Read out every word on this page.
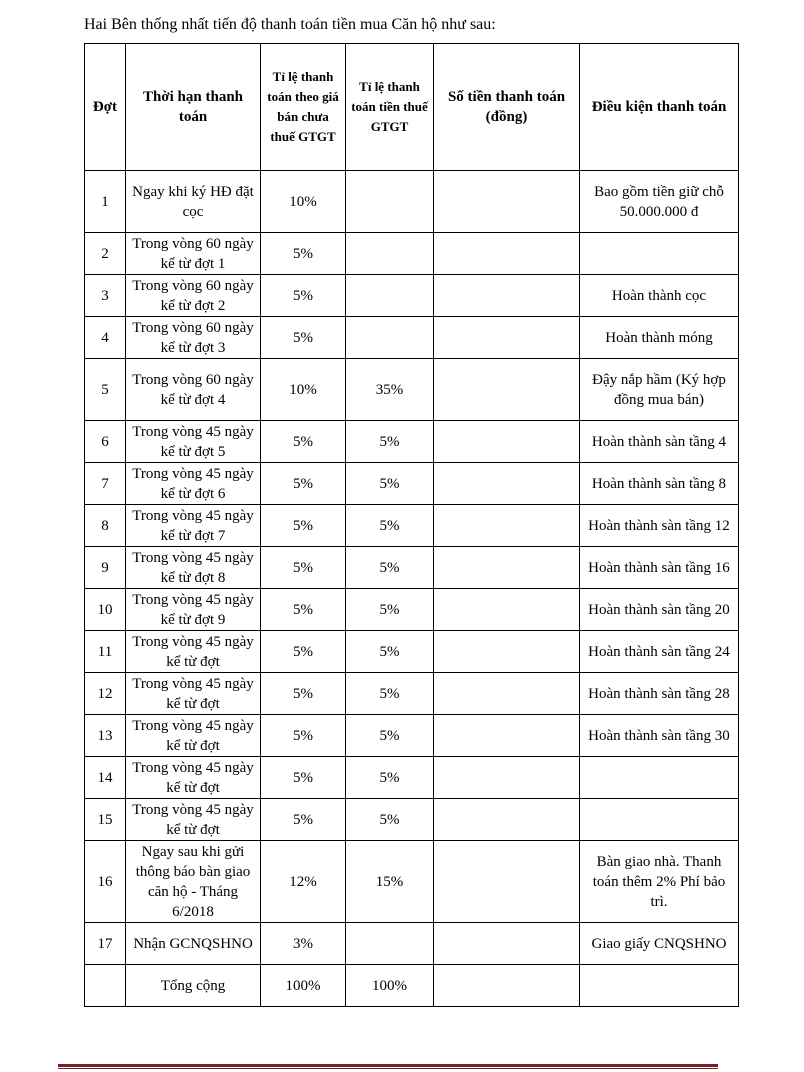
Hai Bên thống nhất tiến độ thanh toán tiền mua Căn hộ như sau:
Đợt	Thời hạn thanh toán	Tỉ lệ thanh toán theo giá bán chưa thuế GTGT	Tỉ lệ thanh toán tiền thuế GTGT	Số tiền thanh toán (đồng)	Điều kiện thanh toán
1	Ngay khi ký HĐ đặt cọc	10%			Bao gồm tiền giữ chỗ 50.000.000 đ
2	Trong vòng 60 ngày kể từ đợt 1	5%			
3	Trong vòng 60 ngày kể từ đợt 2	5%			Hoàn thành cọc
4	Trong vòng 60 ngày kể từ đợt 3	5%			Hoàn thành móng
5	Trong vòng 60 ngày kể từ đợt 4	10%	35%		Đậy nắp hầm (Ký hợp đồng mua bán)
6	Trong vòng 45 ngày kể từ đợt 5	5%	5%		Hoàn thành sàn tầng 4
7	Trong vòng 45 ngày kể từ đợt 6	5%	5%		Hoàn thành sàn tầng 8
8	Trong vòng 45 ngày kể từ đợt 7	5%	5%		Hoàn thành sàn tầng 12
9	Trong vòng 45 ngày kể từ đợt 8	5%	5%		Hoàn thành sàn tầng 16
10	Trong vòng 45 ngày kể từ đợt 9	5%	5%		Hoàn thành sàn tầng 20
11	Trong vòng 45 ngày kể từ đợt	5%	5%		Hoàn thành sàn tầng 24
12	Trong vòng 45 ngày kể từ đợt	5%	5%		Hoàn thành sàn tầng 28
13	Trong vòng 45 ngày kể từ đợt	5%	5%		Hoàn thành sàn tầng 30
14	Trong vòng 45 ngày kể từ đợt	5%	5%		
15	Trong vòng 45 ngày kể từ đợt	5%	5%		
16	Ngay sau khi gửi thông báo bàn giao căn hộ - Tháng 6/2018	12%	15%		Bàn giao nhà. Thanh toán thêm 2% Phí bảo trì.
17	Nhận GCNQSHNO	3%			Giao giấy CNQSHNO
	Tổng cộng	100%	100%		
